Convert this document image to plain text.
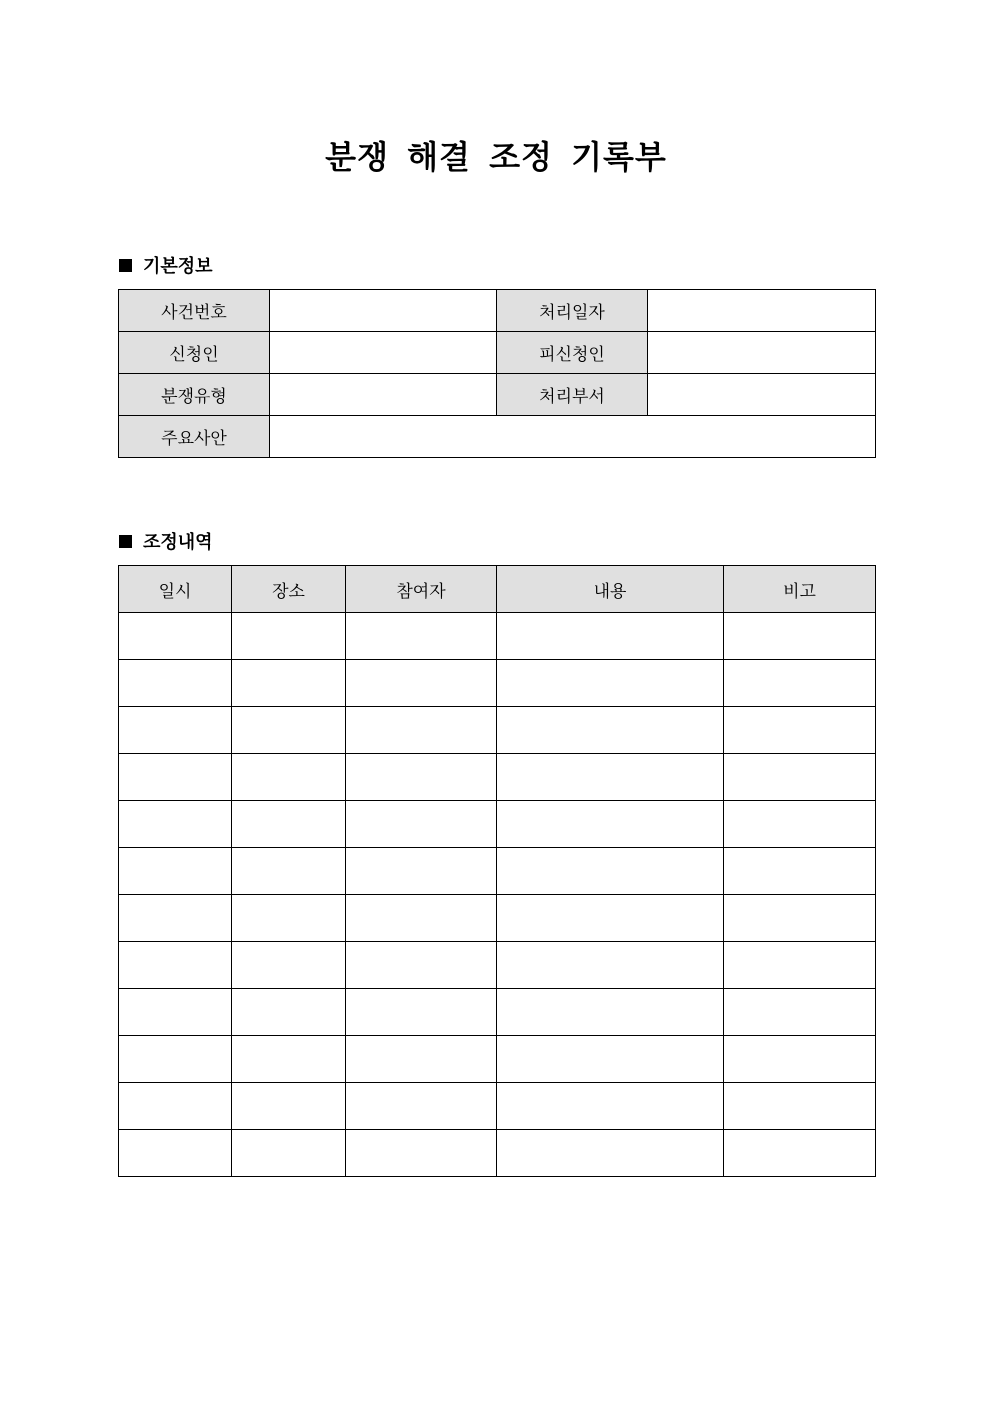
분쟁 해결 조정 기록부
기본정보
사건번호		처리일자	
신청인		피신청인	
분쟁유형		처리부서	
주요사안			
조정내역
일시	장소	참여자	내용	비고
